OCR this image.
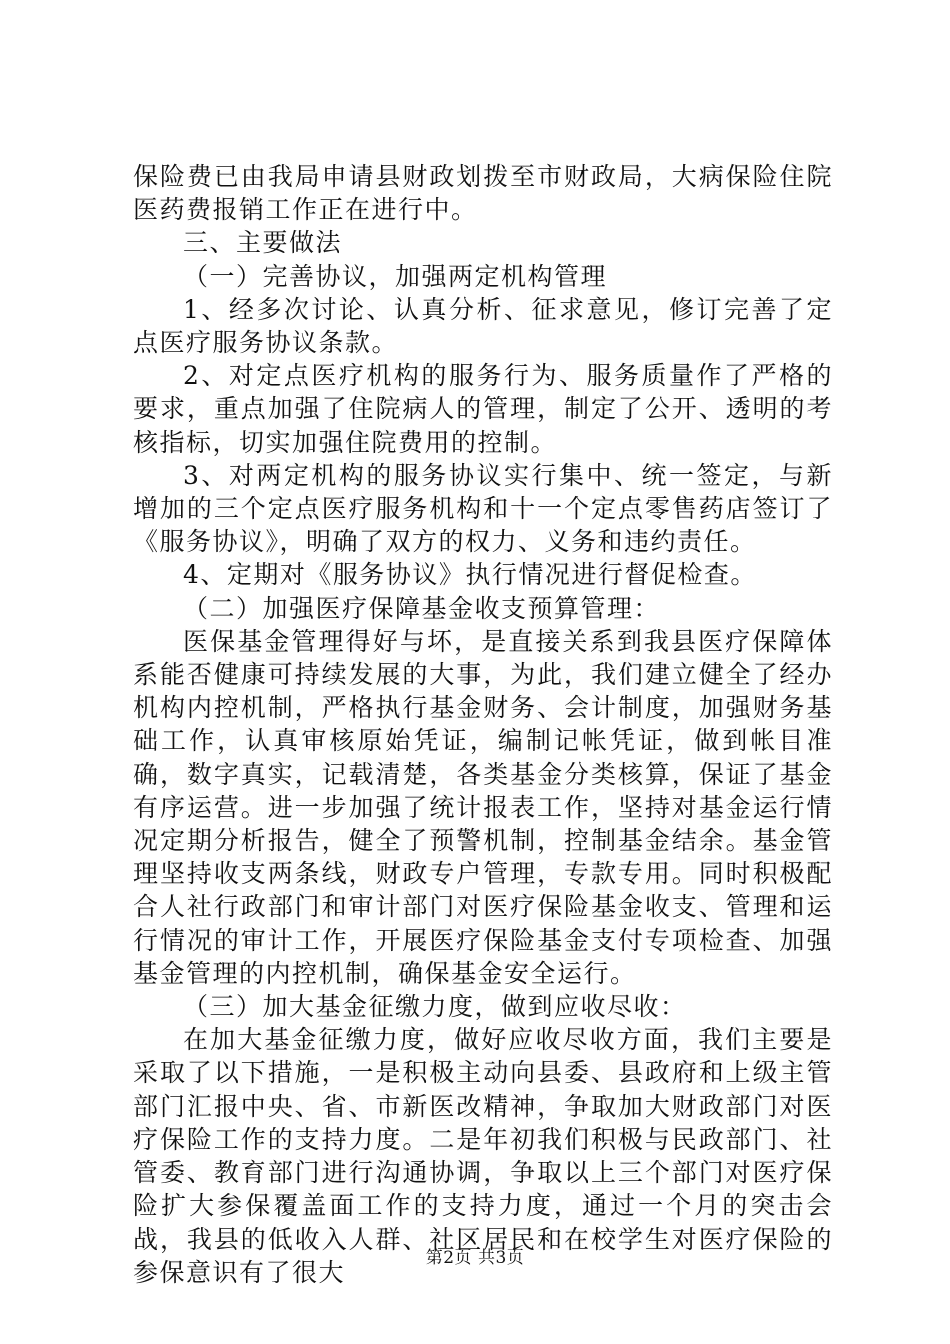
保险费已由我局申请县财政划拨至市财政局，大病保险住院医药费报销工作正在进行中。

三、主要做法

（一）完善协议，加强两定机构管理

1、经多次讨论、认真分析、征求意见，修订完善了定点医疗服务协议条款。

2、对定点医疗机构的服务行为、服务质量作了严格的要求，重点加强了住院病人的管理，制定了公开、透明的考核指标，切实加强住院费用的控制。

3、对两定机构的服务协议实行集中、统一签定，与新增加的三个定点医疗服务机构和十一个定点零售药店签订了《服务协议》，明确了双方的权力、义务和违约责任。

4、定期对《服务协议》执行情况进行督促检查。

（二）加强医疗保障基金收支预算管理：

医保基金管理得好与坏，是直接关系到我县医疗保障体系能否健康可持续发展的大事，为此，我们建立健全了经办机构内控机制，严格执行基金财务、会计制度，加强财务基础工作，认真审核原始凭证，编制记帐凭证，做到帐目准确，数字真实，记载清楚，各类基金分类核算，保证了基金有序运营。进一步加强了统计报表工作，坚持对基金运行情况定期分析报告，健全了预警机制，控制基金结余。基金管理坚持收支两条线，财政专户管理，专款专用。同时积极配合人社行政部门和审计部门对医疗保险基金收支、管理和运行情况的审计工作，开展医疗保险基金支付专项检查、加强基金管理的内控机制，确保基金安全运行。

（三）加大基金征缴力度，做到应收尽收：

在加大基金征缴力度，做好应收尽收方面，我们主要是采取了以下措施，一是积极主动向县委、县政府和上级主管部门汇报中央、省、市新医改精神，争取加大财政部门对医疗保险工作的支持力度。二是年初我们积极与民政部门、社管委、教育部门进行沟通协调，争取以上三个部门对医疗保险扩大参保覆盖面工作的支持力度，通过一个月的突击会战，我县的低收入人群、社区居民和在校学生对医疗保险的参保意识有了很大	第2页 共3页
